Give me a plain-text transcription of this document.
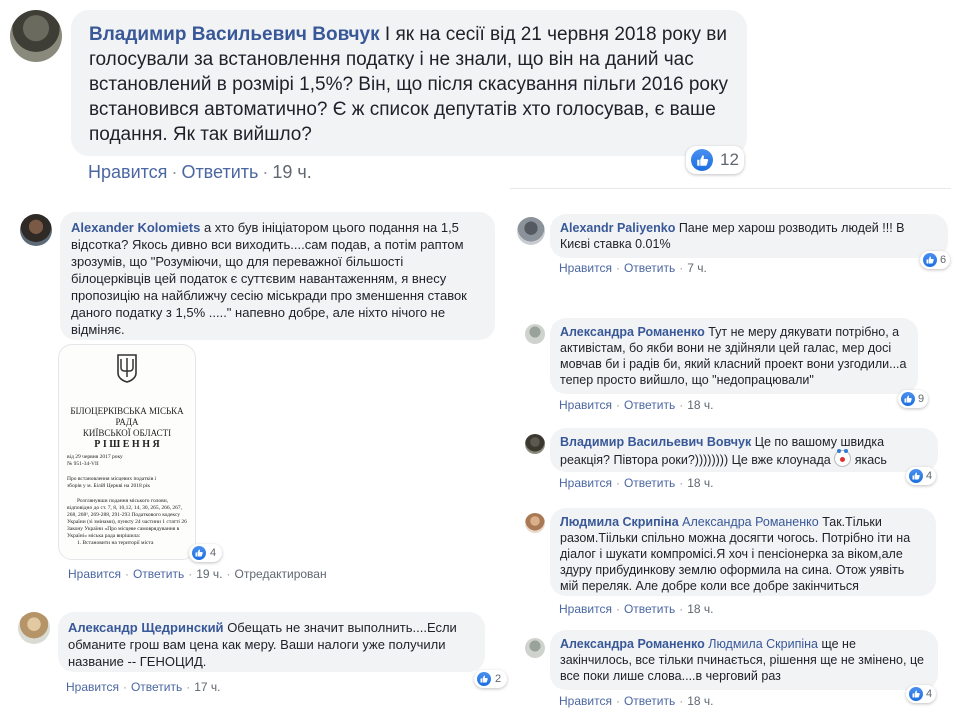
Владимир Васильевич Вовчук І як на сесії від 21 червня 2018 року ви голосували за встановлення податку і не знали, що він на даний час встановлений в розмірі 1,5%? Він, що після скасування пільги 2016 року встановився автоматично? Є ж список депутатів хто голосував, є ваше подання. Як так вийшло?
12
Нравится · Ответить · 19 ч.
Alexander Kolomiets а хто був ініціатором цього подання на 1,5 відсотка? Якось дивно вси виходить....сам подав, а потім раптом зрозумів, що "Розуміючи, що для переважної більшості білоцерківців цей податок є суттєвим навантаженням, я внесу пропозицію на найближчу сесію міськради про зменшення ставок даного податку з 1,5% ....." напевно добре, але ніхто нічого не відміняє.
БІЛОЦЕРКІВСЬКА МІСЬКА
РАДА
КИЇВСЬКОЇ ОБЛАСТІ
Р І Ш Е Н Н Я
від 29 червня 2017 року
№ 951-34-VII
Про встановлення місцевих податків і зборів у м. Білій Церкві на 2018 рік
Розглянувши подання міського голови, відповідно до ст. 7, 8, 10,12, 14, 30, 265, 266, 267, 268, 268¹, 269-288, 291-293 Податкового кодексу України (зі змінами), пункту 24 частини 1 статті 26 Закону України «Про місцеве самоврядування в Україні» міська рада вирішила:
1. Встановити на території міста
4
Нравится · Ответить · 19 ч. · Отредактирован
Александр Щедринский Обещать не значит выполнить....Если обманите грош вам цена как меру. Ваши налоги уже получили название -- ГЕНОЦИД.
2
Нравится · Ответить · 17 ч.
Alexandr Paliyenko Пане мер харош розводить людей !!! В Києві ставка 0.01%
6
Нравится · Ответить · 7 ч.
Александра Романенко Тут не меру дякувати потрібно, а активістам, бо якби вони не здійняли цей галас, мер досі мовчав би і радів би, який класний проект вони узгодили...а тепер просто вийшло, що "недопрацювали"
9
Нравится · Ответить · 18 ч.
Владимир Васильевич Вовчук Це по вашому швидка реакція? Півтора роки?)))))))) Це вже клоунада якась
4
Нравится · Ответить · 18 ч.
Людмила Скрипіна Александра Романенко Так.Тільки разом.Тіільки спільно можна досягти чогось. Потрібно іти на діалог і шукати компромісі.Я хоч і пенсіонерка за віком,але здуру прибудинкову землю оформила на сина. Отож уявіть мій переляк. Але добре коли все добре закінчиться
Нравится · Ответить · 18 ч.
Александра Романенко Людмила Скрипіна ще не закінчилось, все тільки пчинається, рішення ще не змінено, це все поки лише слова....в черговий раз
4
Нравится · Ответить · 18 ч.
